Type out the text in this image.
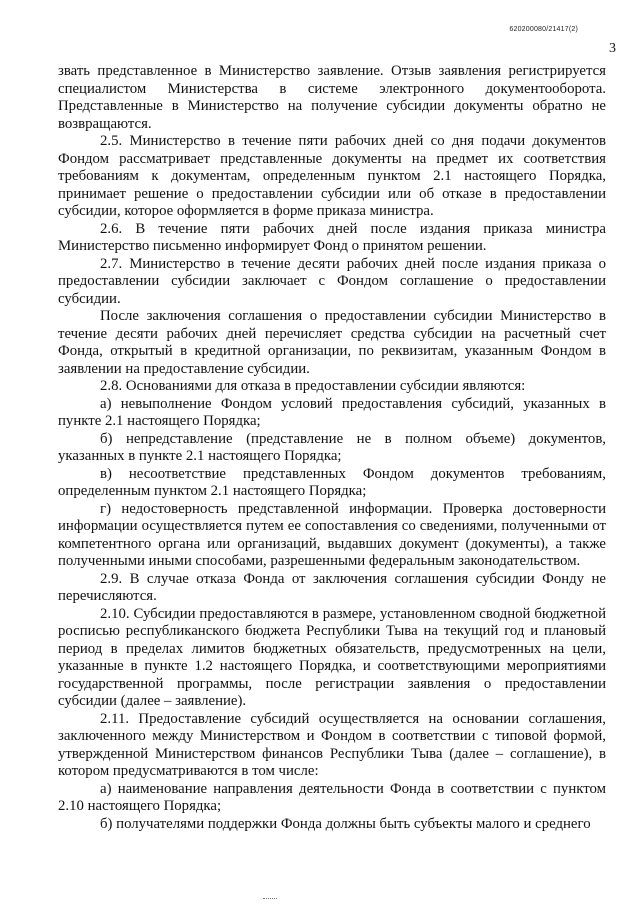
620200080/21417(2)
3

звать представленное в Министерство заявление. Отзыв заявления регистрируется специалистом Министерства в системе электронного документооборота. Представленные в Министерство на получение субсидии документы обратно не возвращаются.

2.5. Министерство в течение пяти рабочих дней со дня подачи документов Фондом рассматривает представленные документы на предмет их соответствия требованиям к документам, определенным пунктом 2.1 настоящего Порядка, принимает решение о предоставлении субсидии или об отказе в предоставлении субсидии, которое оформляется в форме приказа министра.

2.6. В течение пяти рабочих дней после издания приказа министра Министерство письменно информирует Фонд о принятом решении.

2.7. Министерство в течение десяти рабочих дней после издания приказа о предоставлении субсидии заключает с Фондом соглашение о предоставлении субсидии.

После заключения соглашения о предоставлении субсидии Министерство в течение десяти рабочих дней перечисляет средства субсидии на расчетный счет Фонда, открытый в кредитной организации, по реквизитам, указанным Фондом в заявлении на предоставление субсидии.

2.8. Основаниями для отказа в предоставлении субсидии являются:

а) невыполнение Фондом условий предоставления субсидий, указанных в пункте 2.1 настоящего Порядка;

б) непредставление (представление не в полном объеме) документов, указанных в пункте 2.1 настоящего Порядка;

в) несоответствие представленных Фондом документов требованиям, определенным пунктом 2.1 настоящего Порядка;

г) недостоверность представленной информации. Проверка достоверности информации осуществляется путем ее сопоставления со сведениями, полученными от компетентного органа или организаций, выдавших документ (документы), а также полученными иными способами, разрешенными федеральным законодательством.

2.9. В случае отказа Фонда от заключения соглашения субсидии Фонду не перечисляются.

2.10. Субсидии предоставляются в размере, установленном сводной бюджетной росписью республиканского бюджета Республики Тыва на текущий год и плановый период в пределах лимитов бюджетных обязательств, предусмотренных на цели, указанные в пункте 1.2 настоящего Порядка, и соответствующими мероприятиями государственной программы, после регистрации заявления о предоставлении субсидии (далее – заявление).

2.11. Предоставление субсидий осуществляется на основании соглашения, заключенного между Министерством и Фондом в соответствии с типовой формой, утвержденной Министерством финансов Республики Тыва (далее – соглашение), в котором предусматриваются в том числе:

а) наименование направления деятельности Фонда в соответствии с пунктом 2.10 настоящего Порядка;

б) получателями поддержки Фонда должны быть субъекты малого и среднего
